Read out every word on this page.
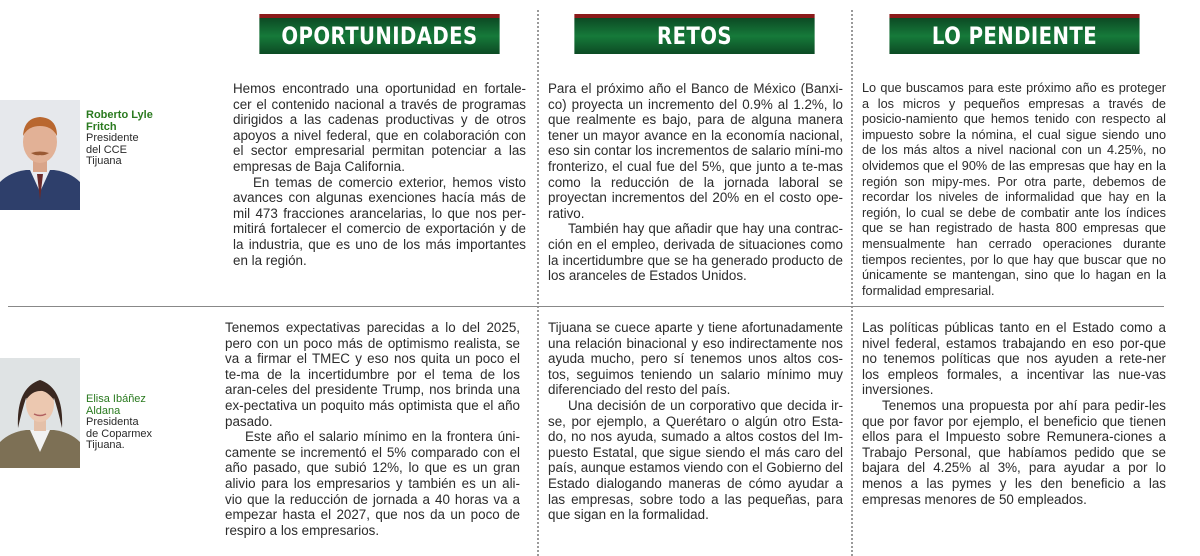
OPORTUNIDADES	RETOS	LO PENDIENTE
Roberto Lyle
Fritch
Presidente
del CCE
Tijuana
Elisa Ibáñez
Aldana
Presidenta
de Coparmex
Tijuana.

Hemos encontrado una oportunidad en fortale-cer el contenido nacional a través de programas dirigidos a las cadenas productivas y de otros apoyos a nivel federal, que en colaboración con el sector empresarial permitan potenciar a las empresas de Baja California.

En temas de comercio exterior, hemos visto avances con algunas exenciones hacía más de mil 473 fracciones arancelarias, lo que nos per-mitirá fortalecer el comercio de exportación y de la industria, que es uno de los más importantes en la región.

Para el próximo año el Banco de México (Banxi-co) proyecta un incremento del 0.9% al 1.2%, lo que realmente es bajo, para de alguna manera tener un mayor avance en la economía nacional, eso sin contar los incrementos de salario míni-mo fronterizo, el cual fue del 5%, que junto a te-mas como la reducción de la jornada laboral se proyectan incrementos del 20% en el costo ope-rativo.

También hay que añadir que hay una contrac-ción en el empleo, derivada de situaciones como la incertidumbre que se ha generado producto de los aranceles de Estados Unidos.

Lo que buscamos para este próximo año es proteger a los micros y pequeños empresas a través de posicio-namiento que hemos tenido con respecto al impuesto sobre la nómina, el cual sigue siendo uno de los más altos a nivel nacional con un 4.25%, no olvidemos que el 90% de las empresas que hay en la región son mipy-mes. Por otra parte, debemos de recordar los niveles de informalidad que hay en la región, lo cual se debe de combatir ante los índices que se han registrado de hasta 800 empresas que mensualmente han cerrado operaciones durante tiempos recientes, por lo que hay que buscar que no únicamente se mantengan, sino que lo hagan en la formalidad empresarial.

Tenemos expectativas parecidas a lo del 2025, pero con un poco más de optimismo realista, se va a firmar el TMEC y eso nos quita un poco el te-ma de la incertidumbre por el tema de los aran-celes del presidente Trump, nos brinda una ex-pectativa un poquito más optimista que el año pasado.

Este año el salario mínimo en la frontera úni-camente se incrementó el 5% comparado con el año pasado, que subió 12%, lo que es un gran alivio para los empresarios y también es un ali-vio que la reducción de jornada a 40 horas va a empezar hasta el 2027, que nos da un poco de respiro a los empresarios.

Tijuana se cuece aparte y tiene afortunadamente una relación binacional y eso indirectamente nos ayuda mucho, pero sí tenemos unos altos cos-tos, seguimos teniendo un salario mínimo muy diferenciado del resto del país.

Una decisión de un corporativo que decida ir-se, por ejemplo, a Querétaro o algún otro Esta-do, no nos ayuda, sumado a altos costos del Im-puesto Estatal, que sigue siendo el más caro del país, aunque estamos viendo con el Gobierno del Estado dialogando maneras de cómo ayudar a las empresas, sobre todo a las pequeñas, para que sigan en la formalidad.

Las políticas públicas tanto en el Estado como a nivel federal, estamos trabajando en eso por-que no tenemos políticas que nos ayuden a rete-ner los empleos formales, a incentivar las nue-vas inversiones.

Tenemos una propuesta por ahí para pedir-les que por favor por ejemplo, el beneficio que tienen ellos para el Impuesto sobre Remunera-ciones a Trabajo Personal, que habíamos pedido que se bajara del 4.25% al 3%, para ayudar a por lo menos a las pymes y les den beneficio a las empresas menores de 50 empleados.
